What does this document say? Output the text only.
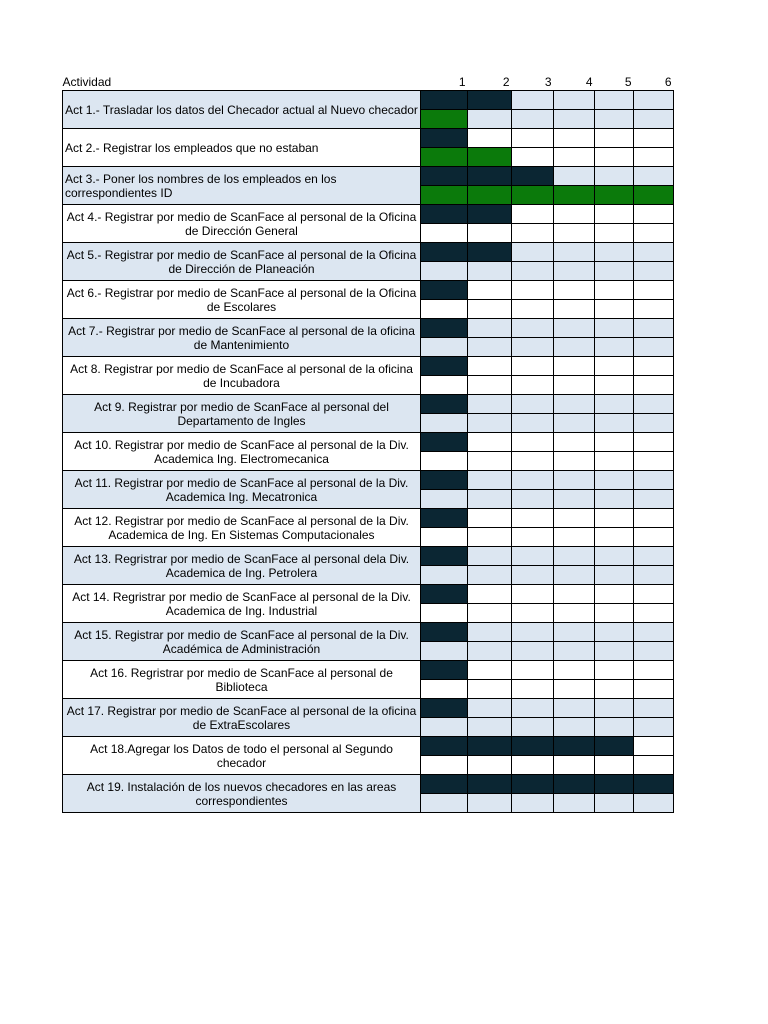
Actividad	1	2	3	4	5	6
Act 1.- Trasladar los datos del Checador actual al Nuevo checador						

Act 2.- Registrar los empleados que no estaban						

Act 3.- Poner los nombres de los empleados en los correspondientes ID						

Act 4.- Registrar por medio de ScanFace al personal de la Oficina de Dirección General						

Act 5.- Registrar por medio de ScanFace al personal de la Oficina de Dirección de Planeación						

Act 6.- Registrar por medio de ScanFace al personal de la Oficina de Escolares						

Act 7.- Registrar por medio de ScanFace al personal de la oficina de Mantenimiento						

Act 8. Registrar por medio de ScanFace al personal de la oficina de Incubadora						

Act 9. Registrar por medio de ScanFace al personal del Departamento de Ingles						

Act 10. Registrar por medio de ScanFace al personal de la Div. Academica Ing. Electromecanica						

Act 11. Registrar por medio de ScanFace al personal de la Div. Academica Ing. Mecatronica						

Act 12. Registrar por medio de ScanFace al personal de la Div. Academica de Ing. En Sistemas Computacionales						

Act 13. Regristrar por medio de ScanFace al personal dela Div. Academica de Ing. Petrolera						

Act 14. Regristrar por medio de ScanFace al personal de la Div. Academica de Ing. Industrial						

Act 15. Registrar por medio de ScanFace al personal de la Div. Académica de Administración						

Act 16. Regristrar por medio de ScanFace al personal de Biblioteca						

Act 17. Registrar por medio de ScanFace al personal de la oficina de ExtraEscolares						

Act 18.Agregar los Datos de todo el personal al Segundo checador						

Act 19. Instalación de los nuevos checadores en las areas correspondientes						
